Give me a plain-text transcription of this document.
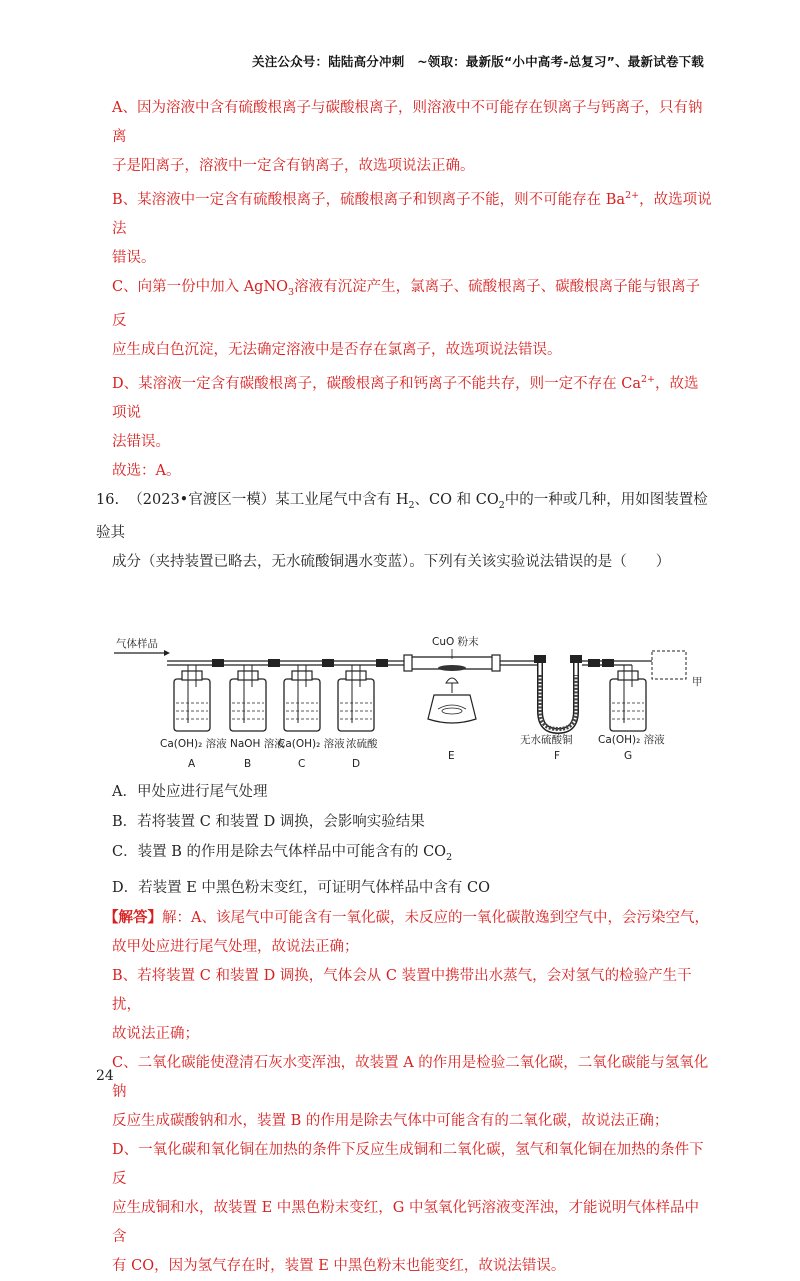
关注公众号：陆陆高分冲刺　~领取：最新版“小中高考-总复习”、最新试卷下载

A、因为溶液中含有硫酸根离子与碳酸根离子，则溶液中不可能存在钡离子与钙离子，只有钠离

子是阳离子，溶液中一定含有钠离子，故选项说法正确。

B、某溶液中一定含有硫酸根离子，硫酸根离子和钡离子不能，则不可能存在 $Ba^{2+}$，故选项说法

错误。

C、向第一份中加入 AgNO$_3$溶液有沉淀产生，氯离子、硫酸根离子、碳酸根离子能与银离子反

应生成白色沉淀，无法确定溶液中是否存在氯离子，故选项说法错误。

D、某溶液一定含有碳酸根离子，碳酸根离子和钙离子不能共存，则一定不存在 $Ca^{2+}$，故选项说

法错误。

故选：A。

16. （2023•官渡区一模）某工业尾气中含有 $H_2$、CO 和 $CO_2$中的一种或几种，用如图装置检验其

成分（夹持装置已略去，无水硫酸铜遇水变蓝）。下列有关该实验说法错误的是（　　）

气体样品	CuO 粉末
甲
Ca(OH)₂ 溶液 NaOH 溶液
Ca(OH)₂ 溶液 浓硫酸	无水硫酸铜 Ca(OH)₂ 溶液
A	B	C	D
E	F	G

A．甲处应进行尾气处理

B．若将装置 C 和装置 D 调换，会影响实验结果

C．装置 B 的作用是除去气体样品中可能含有的 $CO_2$

D．若装置 E 中黑色粉末变红，可证明气体样品中含有 CO

【解答】解：A、该尾气中可能含有一氧化碳，未反应的一氧化碳散逸到空气中，会污染空气，

故甲处应进行尾气处理，故说法正确；

B、若将装置 C 和装置 D 调换，气体会从 C 装置中携带出水蒸气，会对氢气的检验产生干扰，

故说法正确；

C、二氧化碳能使澄清石灰水变浑浊，故装置 A 的作用是检验二氧化碳，二氧化碳能与氢氧化钠

反应生成碳酸钠和水，装置 B 的作用是除去气体中可能含有的二氧化碳，故说法正确；

D、一氧化碳和氧化铜在加热的条件下反应生成铜和二氧化碳，氢气和氧化铜在加热的条件下反

应生成铜和水，故装置 E 中黑色粉末变红，G 中氢氧化钙溶液变浑浊，才能说明气体样品中含

有 CO，因为氢气存在时，装置 E 中黑色粉末也能变红，故说法错误。

24
